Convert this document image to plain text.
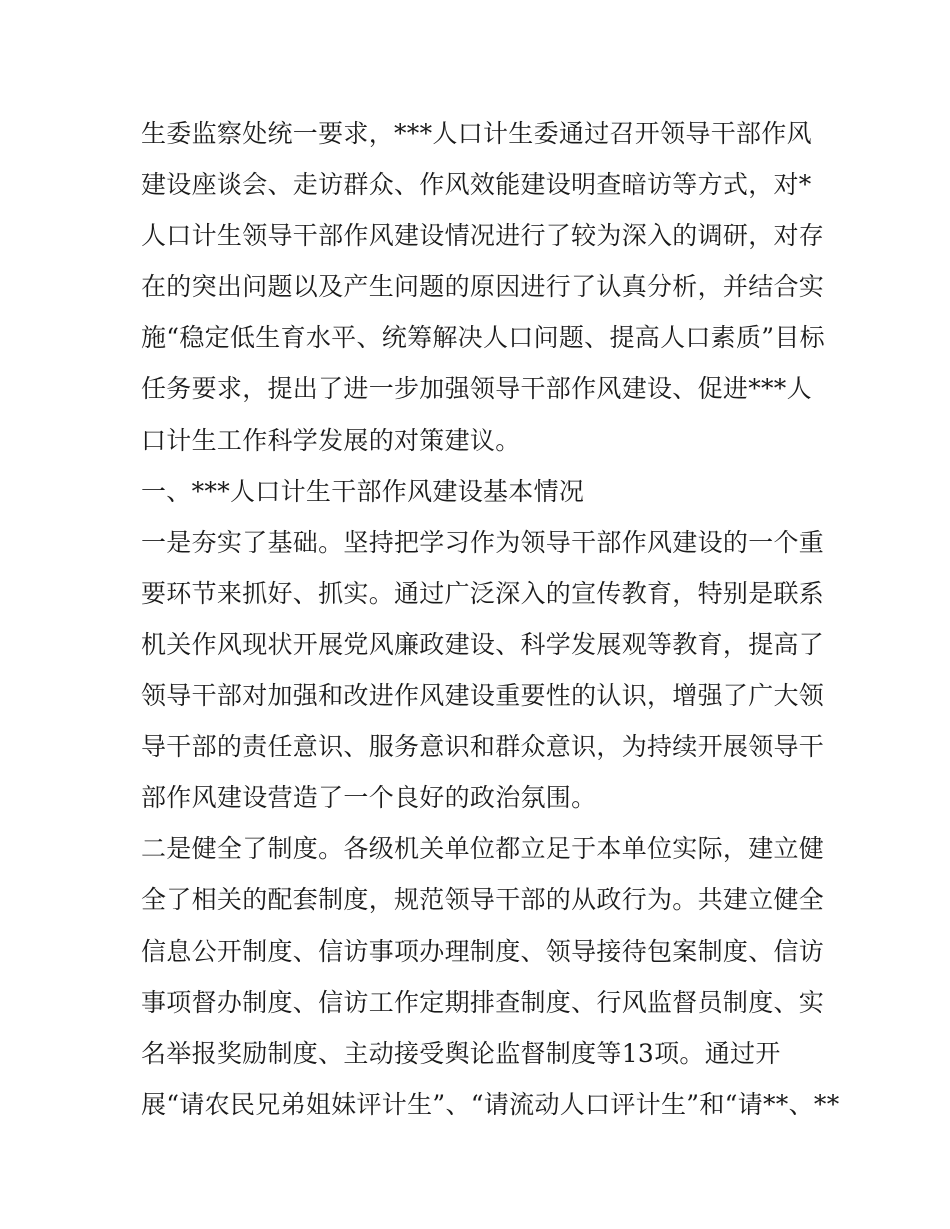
生委监察处统一要求，***人口计生委通过召开领导干部作风
建设座谈会、走访群众、作风效能建设明查暗访等方式，对*
人口计生领导干部作风建设情况进行了较为深入的调研，对存
在的突出问题以及产生问题的原因进行了认真分析，并结合实
施“稳定低生育水平、统筹解决人口问题、提高人口素质”目标
任务要求，提出了进一步加强领导干部作风建设、促进***人
口计生工作科学发展的对策建议。
一、***人口计生干部作风建设基本情况
一是夯实了基础。坚持把学习作为领导干部作风建设的一个重
要环节来抓好、抓实。通过广泛深入的宣传教育，特别是联系
机关作风现状开展党风廉政建设、科学发展观等教育，提高了
领导干部对加强和改进作风建设重要性的认识，增强了广大领
导干部的责任意识、服务意识和群众意识，为持续开展领导干
部作风建设营造了一个良好的政治氛围。
二是健全了制度。各级机关单位都立足于本单位实际，建立健
全了相关的配套制度，规范领导干部的从政行为。共建立健全
信息公开制度、信访事项办理制度、领导接待包案制度、信访
事项督办制度、信访工作定期排查制度、行风监督员制度、实
名举报奖励制度、主动接受舆论监督制度等13项。通过开
展“请农民兄弟姐妹评计生”、“请流动人口评计生”和“请**、**
